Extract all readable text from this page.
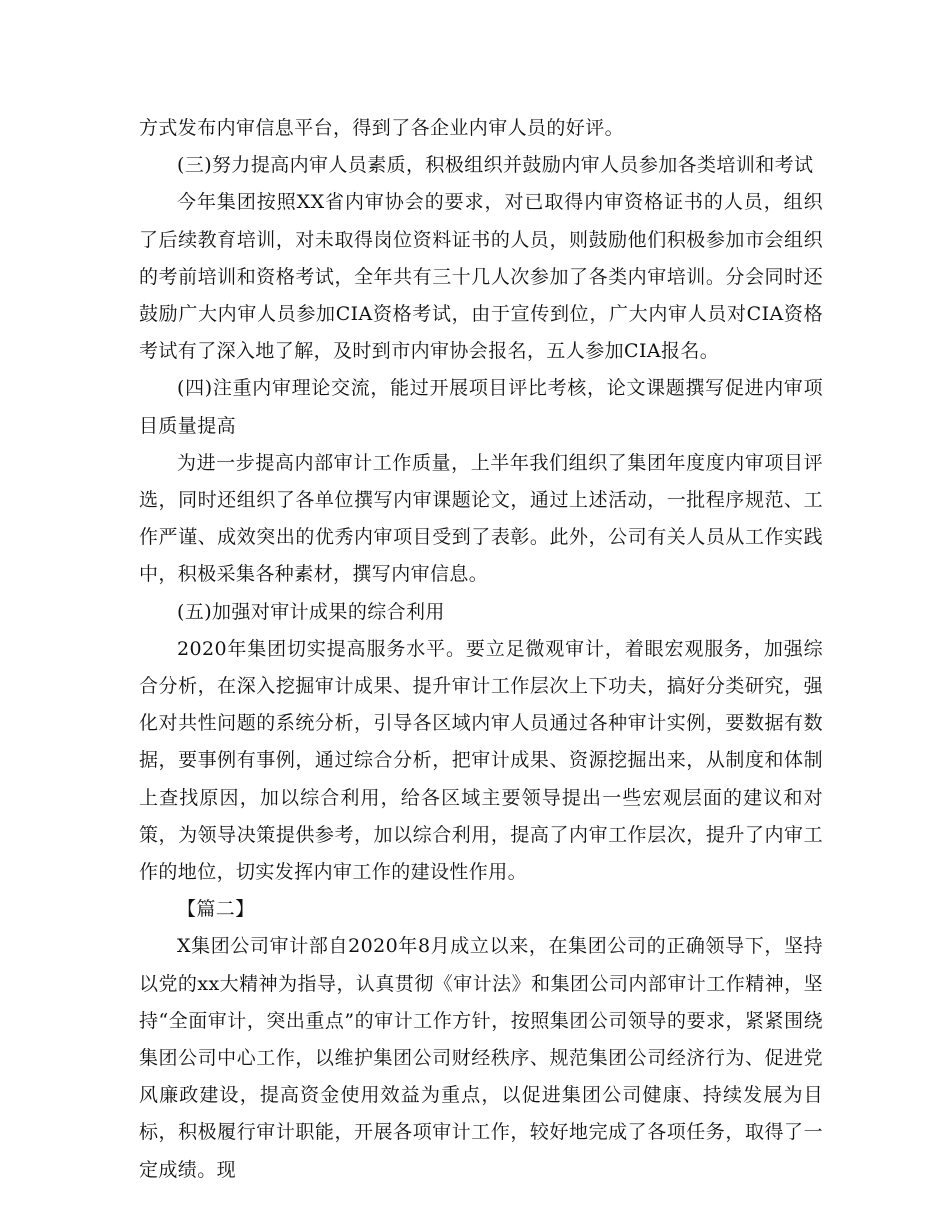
方式发布内审信息平台，得到了各企业内审人员的好评。

(三)努力提高内审人员素质，积极组织并鼓励内审人员参加各类培训和考试

今年集团按照XX省内审协会的要求，对已取得内审资格证书的人员，组织了后续教育培训，对未取得岗位资料证书的人员，则鼓励他们积极参加市会组织的考前培训和资格考试，全年共有三十几人次参加了各类内审培训。分会同时还鼓励广大内审人员参加CIA资格考试，由于宣传到位，广大内审人员对CIA资格考试有了深入地了解，及时到市内审协会报名，五人参加CIA报名。

(四)注重内审理论交流，能过开展项目评比考核，论文课题撰写促进内审项目质量提高

为进一步提高内部审计工作质量，上半年我们组织了集团年度度内审项目评选，同时还组织了各单位撰写内审课题论文，通过上述活动，一批程序规范、工作严谨、成效突出的优秀内审项目受到了表彰。此外，公司有关人员从工作实践中，积极采集各种素材，撰写内审信息。

(五)加强对审计成果的综合利用

2020年集团切实提高服务水平。要立足微观审计，着眼宏观服务，加强综合分析，在深入挖掘审计成果、提升审计工作层次上下功夫，搞好分类研究，强化对共性问题的系统分析，引导各区域内审人员通过各种审计实例，要数据有数据，要事例有事例，通过综合分析，把审计成果、资源挖掘出来，从制度和体制上查找原因，加以综合利用，给各区域主要领导提出一些宏观层面的建议和对策，为领导决策提供参考，加以综合利用，提高了内审工作层次，提升了内审工作的地位，切实发挥内审工作的建设性作用。

【篇二】

X集团公司审计部自2020年8月成立以来，在集团公司的正确领导下，坚持以党的xx大精神为指导，认真贯彻《审计法》和集团公司内部审计工作精神，坚持“全面审计，突出重点”的审计工作方针，按照集团公司领导的要求，紧紧围绕集团公司中心工作，以维护集团公司财经秩序、规范集团公司经济行为、促进党风廉政建设，提高资金使用效益为重点，以促进集团公司健康、持续发展为目标，积极履行审计职能，开展各项审计工作，较好地完成了各项任务，取得了一定成绩。现
